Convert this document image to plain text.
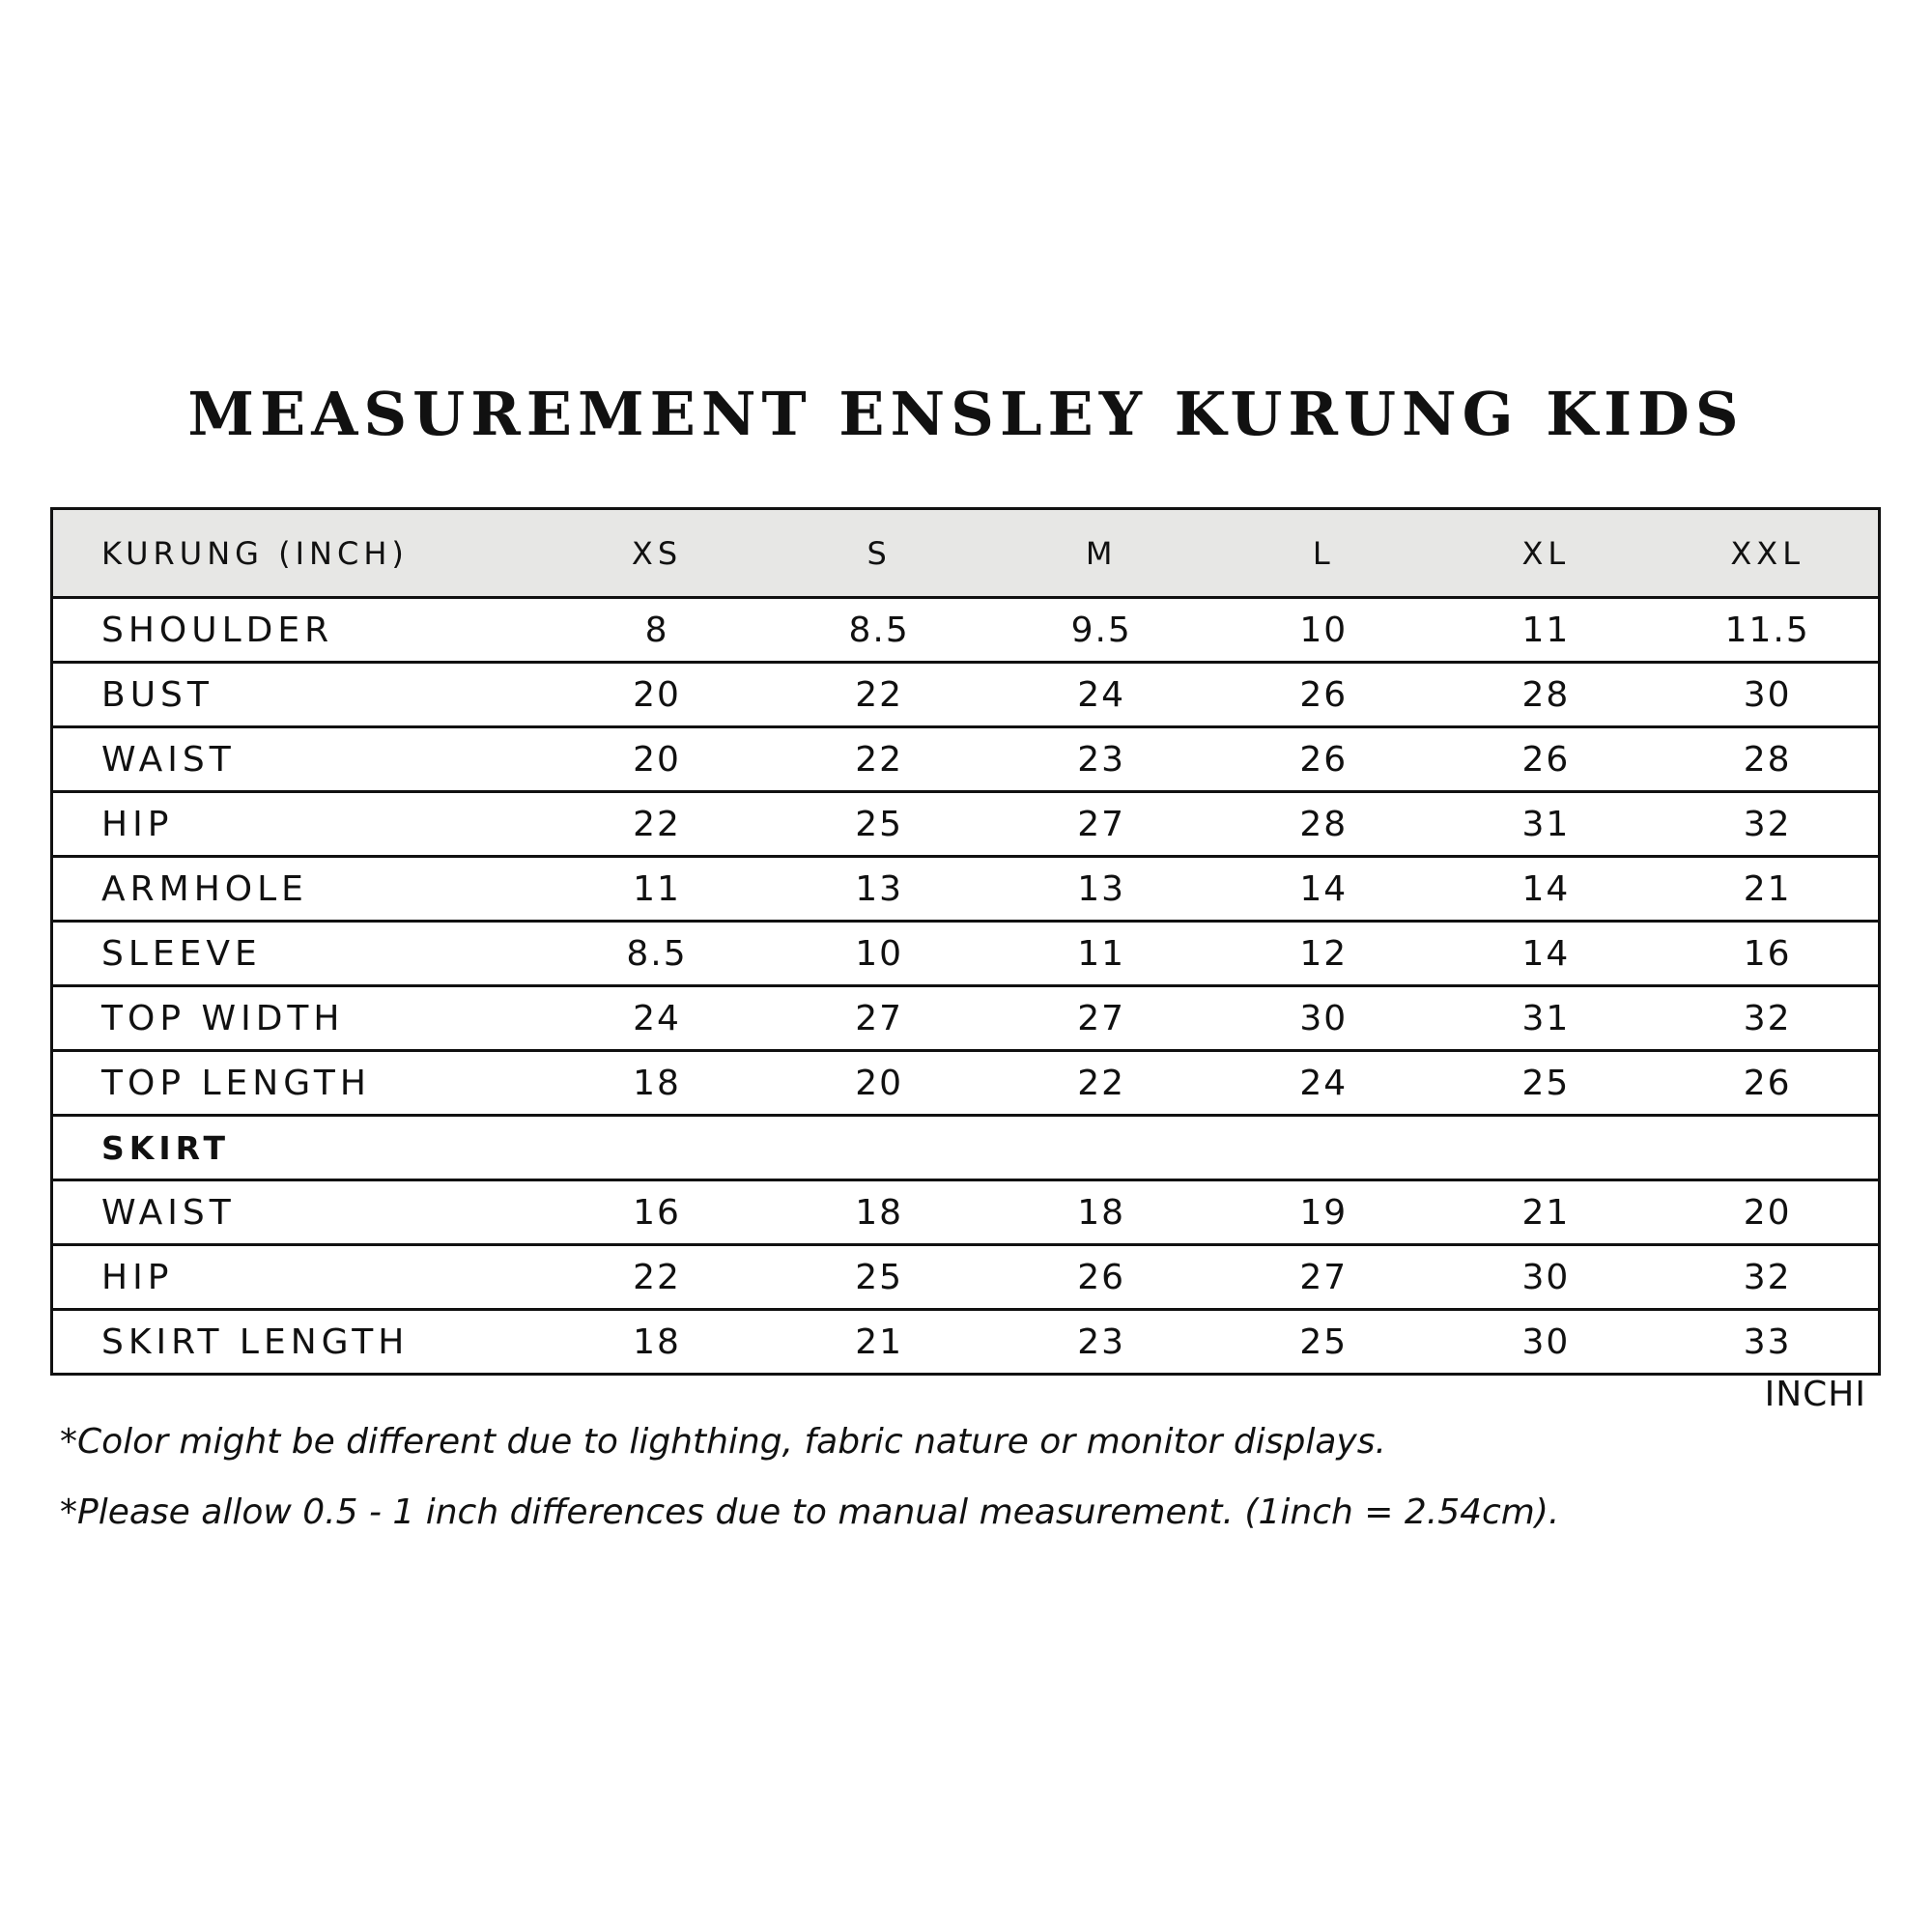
MEASUREMENT ENSLEY KURUNG KIDS
KURUNG (INCH)	XS	S	M	L	XL	XXL
SHOULDER	8	8.5	9.5	10	11	11.5
BUST	20	22	24	26	28	30
WAIST	20	22	23	26	26	28
HIP	22	25	27	28	31	32
ARMHOLE	11	13	13	14	14	21
SLEEVE	8.5	10	11	12	14	16
TOP WIDTH	24	27	27	30	31	32
TOP LENGTH	18	20	22	24	25	26
SKIRT						
WAIST	16	18	18	19	21	20
HIP	22	25	26	27	30	32
SKIRT LENGTH	18	21	23	25	30	33
INCHI
*Color might be different due to lighthing, fabric nature or monitor displays.
*Please allow 0.5 - 1 inch differences due to manual measurement. (1inch = 2.54cm).
